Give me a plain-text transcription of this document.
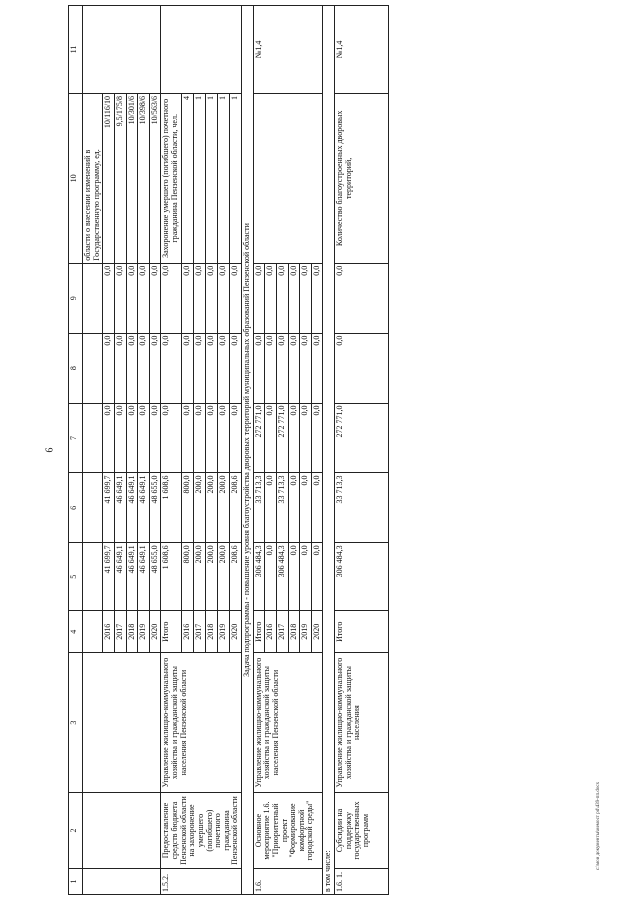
9
1	2	3	4	5	6	7	8	9	10	11
									области о внесении изменений в Государственную программу, ед.	
			2016	41 699,7	41 699,7	0,0	0,0	0,0	10/116/10	
			2017	46 649,1	46 649,1	0,0	0,0	0,0	9,5/175/8	
			2018	46 649,1	46 649,1	0,0	0,0	0,0	10/301/6	
			2019	46 649,1	46 649,1	0,0	0,0	0,0	10/398/6	
			2020	48 655,0	48 655,0	0,0	0,0	0,0	10/563/6	
1.5.2.	Предоставление средств бюджета Пензенской области на захоронение умершего (погибшего) почетного гражданина Пензенской области	Управление жилищно-коммунального хозяйства и гражданской защиты населения Пензенской области	Итого	1 608,6	1 608,6	0,0	0,0	0,0	Захоронение умершего (погибшего) почетного гражданина Пензенской области, чел.	
			2016	800,0	800,0	0,0	0,0	0,0	4	
			2017	200,0	200,0	0,0	0,0	0,0	1	
			2018	200,0	200,0	0,0	0,0	0,0	1	
			2019	200,0	200,0	0,0	0,0	0,0	1	
			2020	208,6	208,6	0,0	0,0	0,0	1	
Задача подпрограммы - повышение уровня благоустройства дворовых территорий муниципальных образований Пензенской области										
1.6.	Основное мероприятие 1.6. "Приоритетный проект "Формирование комфортной городской среды"	Управление жилищно-коммунального хозяйства и гражданской защиты населения Пензенской области	Итого	306 484,3	33 713,3	272 771,0	0,0	0,0		№1,4
			2016	0,0	0,0	0,0	0,0	0,0		
			2017	306 484,3	33 713,3	272 771,0	0,0	0,0		
			2018	0,0	0,0	0,0	0,0	0,0		
			2019	0,0	0,0	0,0	0,0	0,0		
			2020	0,0	0,0	0,0	0,0	0,0		
в том числе:										
1.6. 1.	Субсидии на поддержку государственных программ	Управление жилищно-коммунального хозяйства и гражданской защиты населения	Итого	306 484,3	33 713,3	272 771,0	0,0	0,0	Количество благоустроенных дворовых территорий,	№1,4
c:\мои документы\мемост pd\439-пп.docx
